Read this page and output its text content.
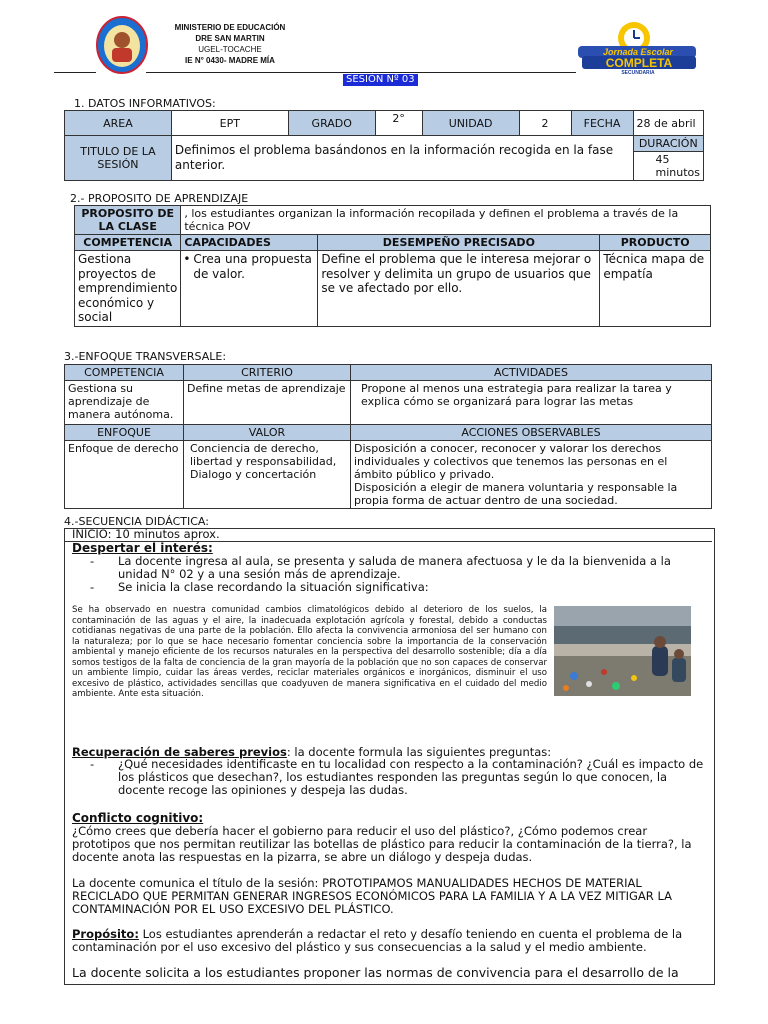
MINISTERIO DE EDUCACIÓN
DRE SAN MARTIN
UGEL-TOCACHE
IE N° 0430- MADRE MÍA
Jornada Escolar
COMPLETA
SECUNDARIA
SESIÓN Nº 03
1. DATOS INFORMATIVOS:
AREA	EPT	GRADO	2°	UNIDAD	2	FECHA	28 de abril
TITULO DE LA SESIÓN	Definimos el problema basándonos en la información recogida en la fase anterior.						DURACIÓN
							45 minutos
2.- PROPOSITO DE APRENDIZAJE
PROPOSITO DE LA CLASE	, los estudiantes organizan la información recopilada y definen el problema a través de la técnica POV		
COMPETENCIA	CAPACIDADES	DESEMPEÑO PRECISADO	PRODUCTO
Gestiona proyectos de emprendimiento económico y social	• Crea una propuesta de valor.	Define el problema que le interesa mejorar o resolver y delimita un grupo de usuarios que se ve afectado por ello.	Técnica mapa de empatía
3.-ENFOQUE TRANSVERSALE:
COMPETENCIA	CRITERIO	ACTIVIDADES
Gestiona su aprendizaje de manera autónoma.	Define metas de aprendizaje	Propone al menos una estrategia para realizar la tarea y explica cómo se organizará para lograr las metas
ENFOQUE	VALOR	ACCIONES OBSERVABLES
Enfoque de derecho	Conciencia de derecho, libertad y responsabilidad, Dialogo y concertación	Disposición a conocer, reconocer y valorar los derechos individuales y colectivos que tenemos las personas en el ámbito público y privado.
Disposición a elegir de manera voluntaria y responsable la propia forma de actuar dentro de una sociedad.
4.-SECUENCIA DIDÁCTICA:
INICIO: 10 minutos aprox.
Despertar el interés:
- La docente ingresa al aula, se presenta y saluda de manera afectuosa y le da la bienvenida a la unidad N° 02 y a una sesión más de aprendizaje.
- Se inicia la clase recordando la situación significativa:
Se ha observado en nuestra comunidad cambios climatológicos debido al deterioro de los suelos, la contaminación de las aguas y el aire, la inadecuada explotación agrícola y forestal, debido a conductas cotidianas negativas de una parte de la población. Ello afecta la convivencia armoniosa del ser humano con la naturaleza; por lo que se hace necesario fomentar conciencia sobre la importancia de la conservación ambiental y manejo eficiente de los recursos naturales en la perspectiva del desarrollo sostenible; día a día somos testigos de la falta de conciencia de la gran mayoría de la población que no son capaces de conservar un ambiente limpio, cuidar las áreas verdes, reciclar materiales orgánicos e inorgánicos, disminuir el uso excesivo de plástico, actividades sencillas que coadyuven de manera significativa en el cuidado del medio ambiente. Ante esta situación.
Recuperación de saberes previos: la docente formula las siguientes preguntas:
- ¿Qué necesidades identificaste en tu localidad con respecto a la contaminación? ¿Cuál es impacto de los plásticos que desechan?, los estudiantes responden las preguntas según lo que conocen, la docente recoge las opiniones y despeja las dudas.
Conflicto cognitivo:
¿Cómo crees que debería hacer el gobierno para reducir el uso del plástico?, ¿Cómo podemos crear prototipos que nos permitan reutilizar las botellas de plástico para reducir la contaminación de la tierra?, la docente anota las respuestas en la pizarra, se abre un diálogo y despeja dudas.
La docente comunica el título de la sesión: PROTOTIPAMOS MANUALIDADES HECHOS DE MATERIAL RECICLADO QUE PERMITAN GENERAR INGRESOS ECONÓMICOS PARA LA FAMILIA Y A LA VEZ MITIGAR LA CONTAMINACIÓN POR EL USO EXCESIVO DEL PLÁSTICO.
Propósito: Los estudiantes aprenderán a redactar el reto y desafío teniendo en cuenta el problema de la contaminación por el uso excesivo del plástico y sus consecuencias a la salud y el medio ambiente.
La docente solicita a los estudiantes proponer las normas de convivencia para el desarrollo de la
